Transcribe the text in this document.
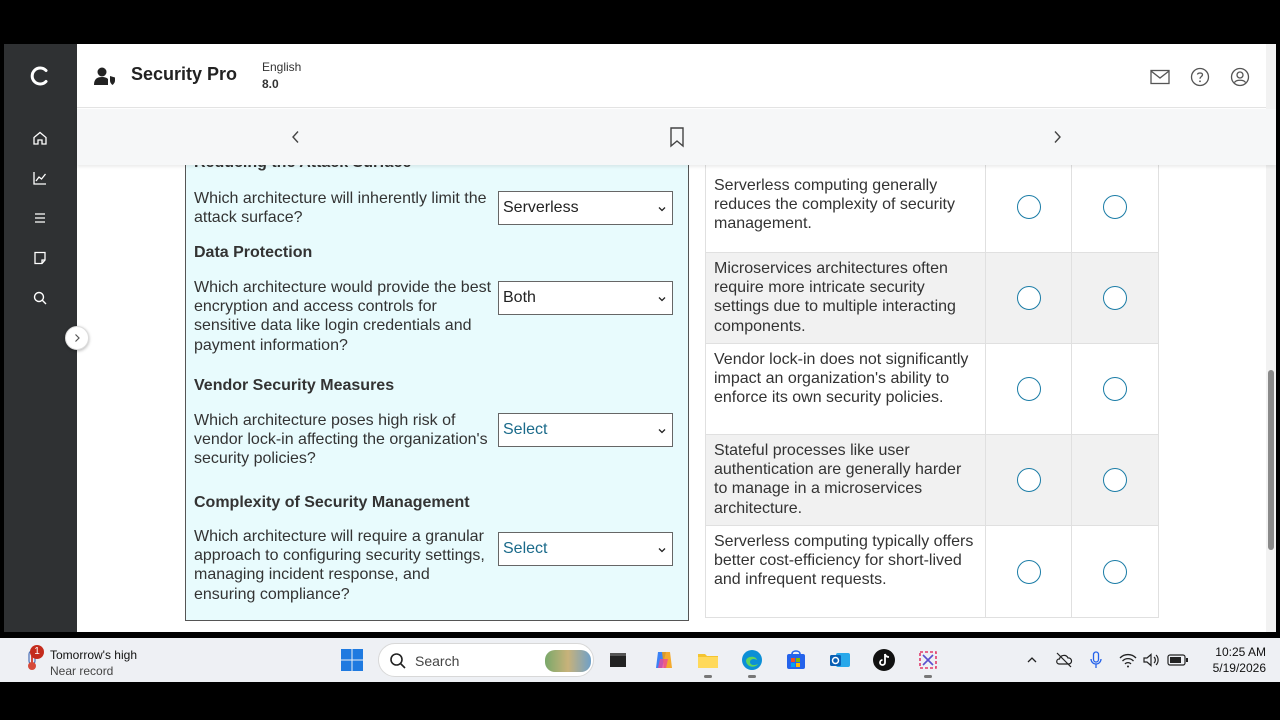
Security Pro English
8.0
Which architecture will inherently limit the attack surface?
Serverless
Data Protection
Which architecture would provide the best encryption and access controls for sensitive data like login credentials and payment information?
Both
Vendor Security Measures
Which architecture poses high risk of vendor lock-in affecting the organization's security policies?
Select
Complexity of Security Management
Which architecture will require a granular approach to configuring security settings, managing incident response, and ensuring compliance?
Select
Serverless computing generally reduces the complexity of security management.
Microservices architectures often require more intricate security settings due to multiple interacting components.
Vendor lock-in does not significantly impact an organization's ability to enforce its own security policies.
Stateful processes like user authentication are generally harder to manage in a microservices architecture.
Serverless computing typically offers better cost-efficiency for short-lived and infrequent requests.
1 Tomorrow's high
Near record
Search
10:25 AM
5/19/2026
